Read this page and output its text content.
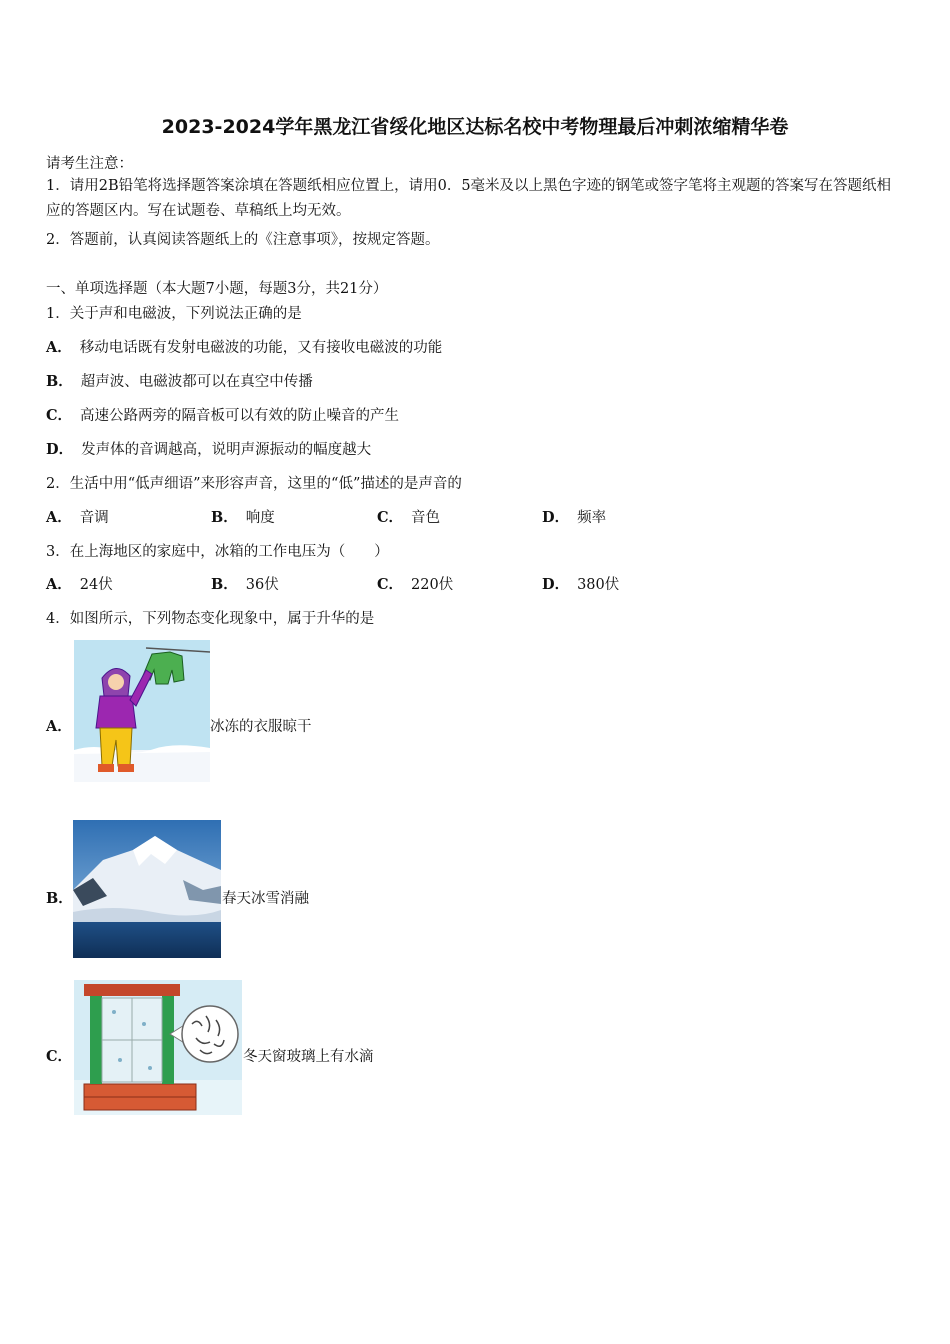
2023-2024学年黑龙江省绥化地区达标名校中考物理最后冲刺浓缩精华卷
请考生注意：
1．请用2B铅笔将选择题答案涂填在答题纸相应位置上，请用0．5毫米及以上黑色字迹的钢笔或签字笔将主观题的答案写在答题纸相应的答题区内。写在试题卷、草稿纸上均无效。
2．答题前，认真阅读答题纸上的《注意事项》，按规定答题。
一、单项选择题（本大题7小题，每题3分，共21分）
1．关于声和电磁波，下列说法正确的是
A． 移动电话既有发射电磁波的功能，又有接收电磁波的功能
B． 超声波、电磁波都可以在真空中传播
C． 高速公路两旁的隔音板可以有效的防止噪音的产生
D． 发声体的音调越高，说明声源振动的幅度越大
2．生活中用“低声细语”来形容声音，这里的“低”描述的是声音的
A． 音调	B． 响度	C． 音色	D． 频率
3．在上海地区的家庭中，冰箱的工作电压为（　　）
A． 24伏	B． 36伏	C． 220伏	D． 380伏
4．如图所示，下列物态变化现象中，属于升华的是
A．	冰冻的衣服晾干
B．	春天冰雪消融
C．	冬天窗玻璃上有水滴
